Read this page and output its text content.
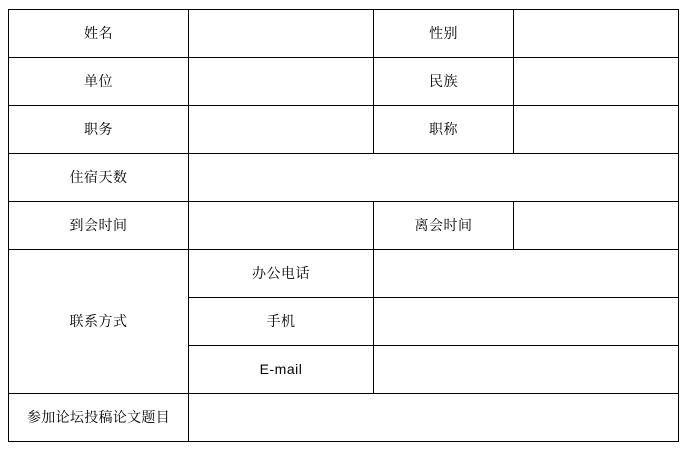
姓名		性别	

单位		民族	

职务		职称	

住宿天数			

到会时间		离会时间	

联系方式	办公电话		

	手机		

	E-mail		

参加论坛投稿论文题目			
